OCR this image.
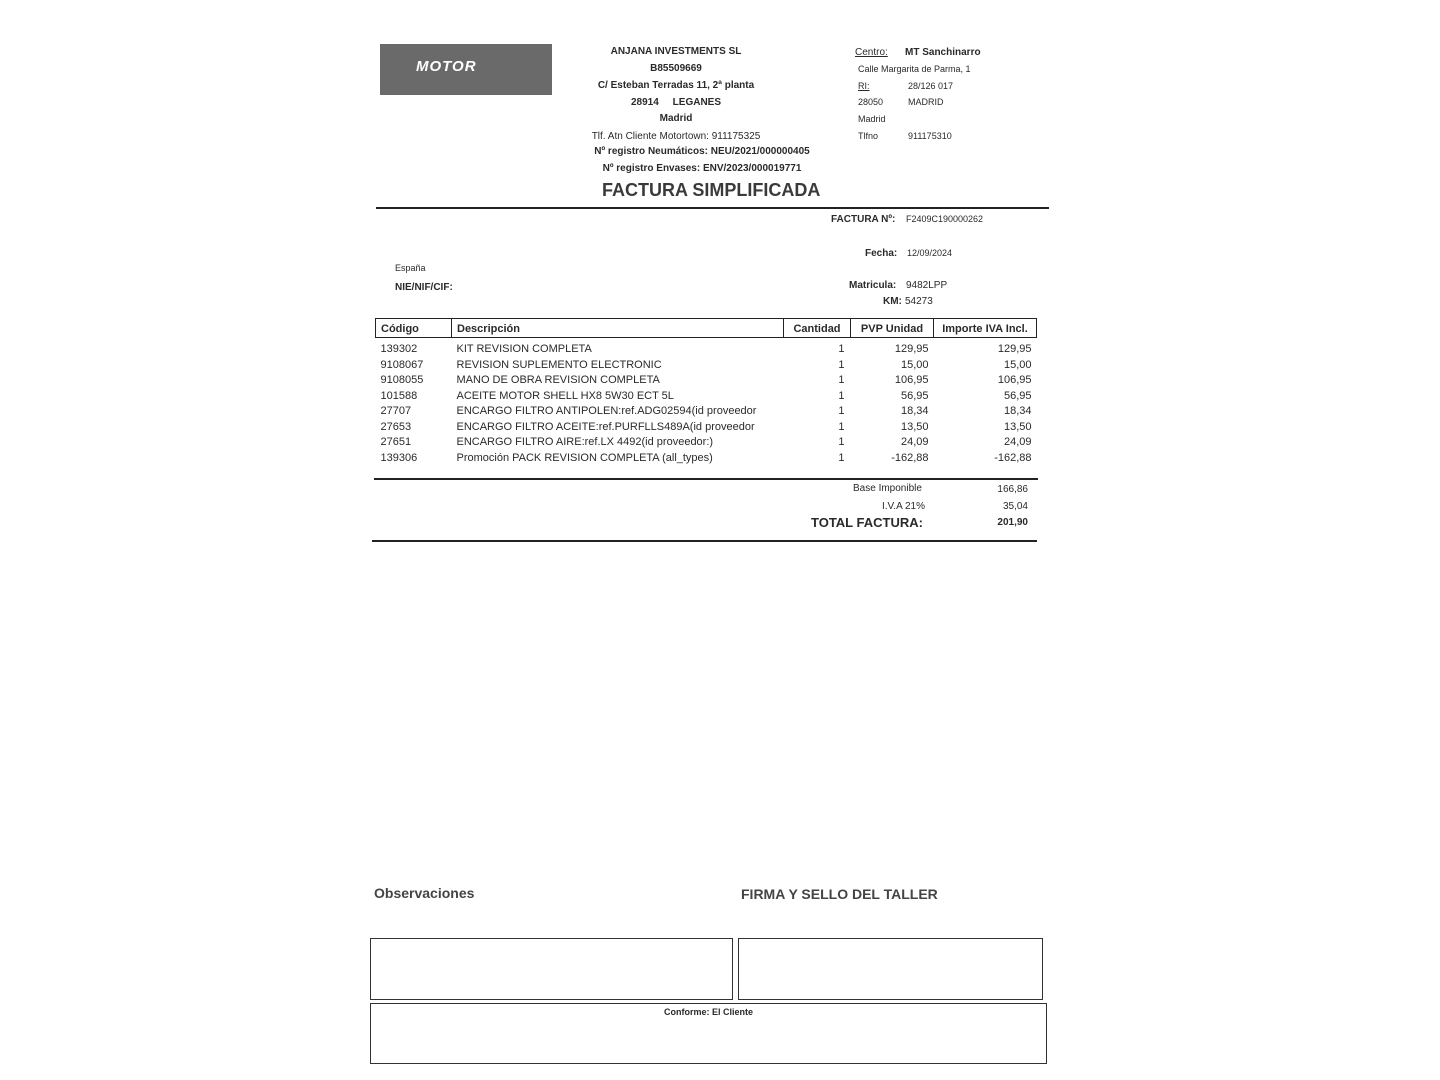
MOTOR
ANJANA INVESTMENTS SL
B85509669
C/ Esteban Terradas 11, 2ª planta
28914     LEGANES
Madrid
Tlf. Atn Cliente Motortown: 911175325
Nº registro Neumáticos: NEU/2021/000000405
Nº registro Envases: ENV/2023/000019771
Centro: MT Sanchinarro
Calle Margarita de Parma, 1
RI:	28/126 017
28050	MADRID
Madrid
Tlfno	911175310
FACTURA SIMPLIFICADA
FACTURA Nº: F2409C190000262
Fecha: 12/09/2024
Matricula: 9482LPP
KM: 54273
España
NIE/NIF/CIF:
Código	Descripción	Cantidad	PVP Unidad	Importe IVA Incl.

139302	KIT REVISION COMPLETA	1	129,95	129,95
9108067	REVISION SUPLEMENTO ELECTRONIC	1	15,00	15,00
9108055	MANO DE OBRA REVISION COMPLETA	1	106,95	106,95
101588	ACEITE MOTOR SHELL HX8 5W30 ECT 5L	1	56,95	56,95
27707	ENCARGO FILTRO ANTIPOLEN:ref.ADG02594(id proveedor	1	18,34	18,34
27653	ENCARGO FILTRO ACEITE:ref.PURFLLS489A(id proveedor	1	13,50	13,50
27651	ENCARGO FILTRO AIRE:ref.LX 4492(id proveedor:)	1	24,09	24,09
139306	Promoción PACK REVISION COMPLETA (all_types)	1	-162,88	-162,88
Base Imponible	166,86
I.V.A 21%	35,04
TOTAL FACTURA:	201,90
Observaciones	FIRMA Y SELLO DEL TALLER
Conforme: El Cliente
